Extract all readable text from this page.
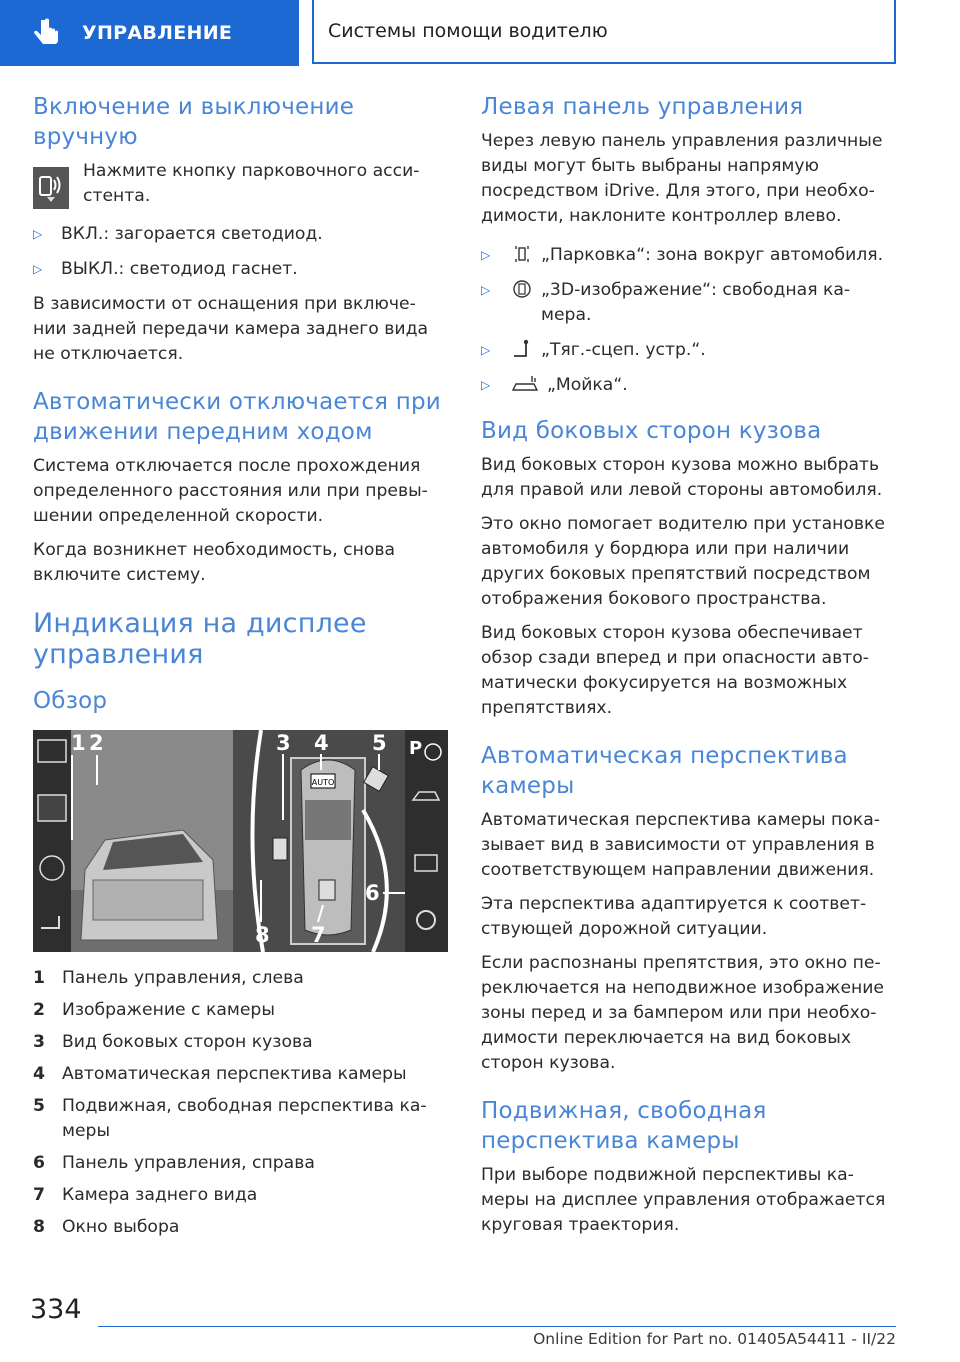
УПРАВЛЕНИЕ	Системы помощи водителю
Включение и выключение вручную
Нажмите кнопку парковочного асси-стента.
▷	ВКЛ.: загорается светодиод.
▷	ВЫКЛ.: светодиод гаснет.
В зависимости от оснащения при включе-нии задней передачи камера заднего вида не отключается.
Автоматически отключается при движении передним ходом
Система отключается после прохождения определенного расстояния или при превы-шении определенной скорости.
Когда возникнет необходимость, снова включите систему.
Индикация на дисплее управления
Обзор
AUTO
P
1 2	3 4 5
6
7
8
1 Панель управления, слева
2 Изображение с камеры
3 Вид боковых сторон кузова
4 Автоматическая перспектива камеры
5 Подвижная, свободная перспектива ка-меры
6 Панель управления, справа
7 Камера заднего вида
8 Окно выбора
Левая панель управления
Через левую панель управления различные виды могут быть выбраны напрямую посредством iDrive. Для этого, при необхо-димости, наклоните контроллер влево.
▷	„Парковка“: зона вокруг автомобиля.
▷	„3D-изображение“: свободная ка-мера.
▷	„Тяг.-сцеп. устр.“.
▷	„Мойка“.
Вид боковых сторон кузова
Вид боковых сторон кузова можно выбрать для правой или левой стороны автомобиля.
Это окно помогает водителю при установке автомобиля у бордюра или при наличии других боковых препятствий посредством отображения бокового пространства.
Вид боковых сторон кузова обеспечивает обзор сзади вперед и при опасности авто-матически фокусируется на возможных препятствиях.
Автоматическая перспектива камеры
Автоматическая перспектива камеры пока-зывает вид в зависимости от управления в соответствующем направлении движения.
Эта перспектива адаптируется к соответ-ствующей дорожной ситуации.
Если распознаны препятствия, это окно пе-реключается на неподвижное изображение зоны перед и за бампером или при необхо-димости переключается на вид боковых сторон кузова.
Подвижная, свободная перспектива камеры
При выборе подвижной перспективы ка-меры на дисплее управления отображается круговая траектория.
334
Online Edition for Part no. 01405A54411 - II/22
